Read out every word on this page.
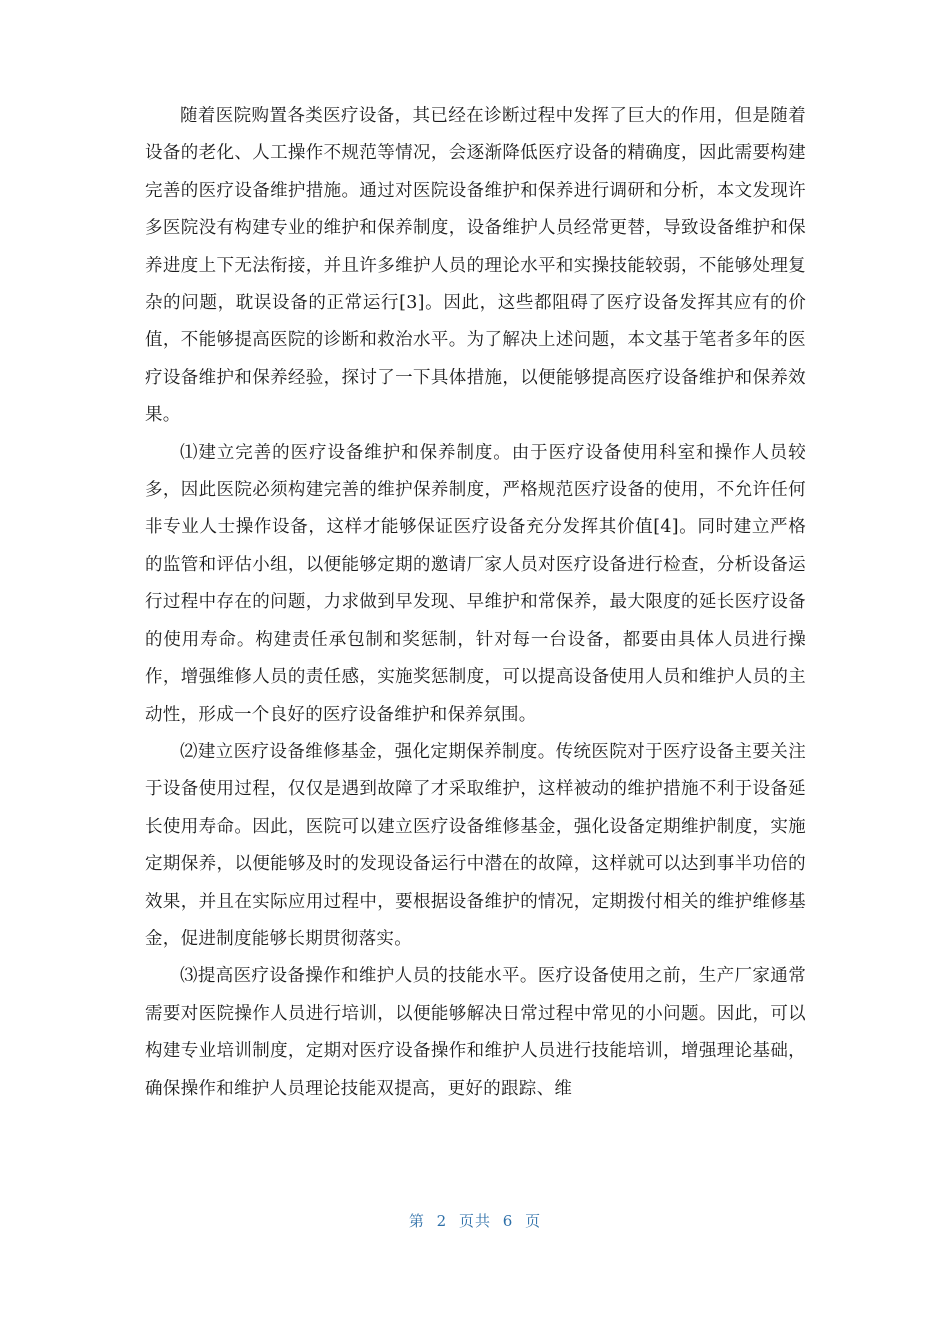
随着医院购置各类医疗设备，其已经在诊断过程中发挥了巨大的作用，但是随着设备的老化、人工操作不规范等情况，会逐渐降低医疗设备的精确度，因此需要构建完善的医疗设备维护措施。通过对医院设备维护和保养进行调研和分析，本文发现许多医院没有构建专业的维护和保养制度，设备维护人员经常更替，导致设备维护和保养进度上下无法衔接，并且许多维护人员的理论水平和实操技能较弱，不能够处理复杂的问题，耽误设备的正常运行[3]。因此，这些都阻碍了医疗设备发挥其应有的价值，不能够提高医院的诊断和救治水平。为了解决上述问题，本文基于笔者多年的医疗设备维护和保养经验，探讨了一下具体措施，以便能够提高医疗设备维护和保养效果。

⑴建立完善的医疗设备维护和保养制度。由于医疗设备使用科室和操作人员较多，因此医院必须构建完善的维护保养制度，严格规范医疗设备的使用，不允许任何非专业人士操作设备，这样才能够保证医疗设备充分发挥其价值[4]。同时建立严格的监管和评估小组，以便能够定期的邀请厂家人员对医疗设备进行检查，分析设备运行过程中存在的问题，力求做到早发现、早维护和常保养，最大限度的延长医疗设备的使用寿命。构建责任承包制和奖惩制，针对每一台设备，都要由具体人员进行操作，增强维修人员的责任感，实施奖惩制度，可以提高设备使用人员和维护人员的主动性，形成一个良好的医疗设备维护和保养氛围。

⑵建立医疗设备维修基金，强化定期保养制度。传统医院对于医疗设备主要关注于设备使用过程，仅仅是遇到故障了才采取维护，这样被动的维护措施不利于设备延长使用寿命。因此，医院可以建立医疗设备维修基金，强化设备定期维护制度，实施定期保养，以便能够及时的发现设备运行中潜在的故障，这样就可以达到事半功倍的效果，并且在实际应用过程中，要根据设备维护的情况，定期拨付相关的维护维修基金，促进制度能够长期贯彻落实。

⑶提高医疗设备操作和维护人员的技能水平。医疗设备使用之前，生产厂家通常需要对医院操作人员进行培训，以便能够解决日常过程中常见的小问题。因此，可以构建专业培训制度，定期对医疗设备操作和维护人员进行技能培训，增强理论基础，确保操作和维护人员理论技能双提高，更好的跟踪、维

第 2 页共 6 页
